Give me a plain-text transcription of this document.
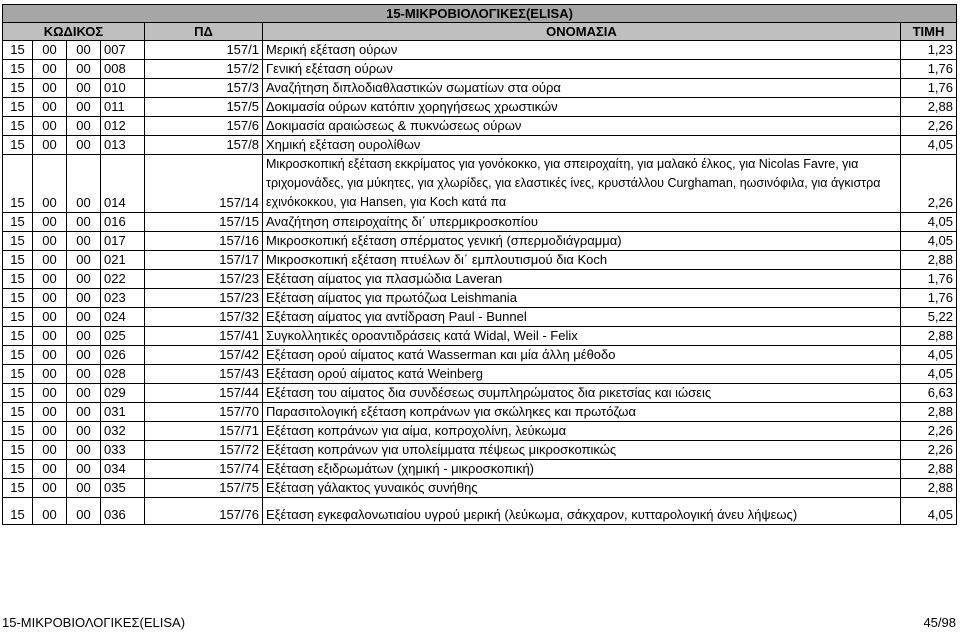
15-ΜΙΚΡΟΒΙΟΛΟΓΙΚΕΣ(ELISA)						
ΚΩΔΙΚΟΣ				ΠΔ	ΟΝΟΜΑΣΙΑ	ΤΙΜΗ
15	00	00	007	157/1	Μερική εξέταση ούρων	1,23
15	00	00	008	157/2	Γενική εξέταση ούρων	1,76
15	00	00	010	157/3	Αναζήτηση διπλοδιαθλαστικών σωματίων στα ούρα	1,76
15	00	00	011	157/5	Δοκιμασία ούρων κατόπιν χορηγήσεως χρωστικών	2,88
15	00	00	012	157/6	Δοκιμασία αραιώσεως & πυκνώσεως ούρων	2,26
15	00	00	013	157/8	Χημική εξέταση ουρολίθων	4,05
15	00	00	014	157/14	Μικροσκοπική εξέταση εκκρίματος για γονόκοκκο, για σπειροχαίτη, για μαλακό έλκος, για Nicolas Favre, για τριχομονάδες, για μύκητες, για χλωρίδες, για ελαστικές ίνες, κρυστάλλου Curghaman, ηωσινόφιλα, για άγκιστρα εχινόκοκκου, για Hansen, για Koch κατά πα	2,26
15	00	00	016	157/15	Αναζήτηση σπειροχαίτης δι΄ υπερμικροσκοπίου	4,05
15	00	00	017	157/16	Μικροσκοπική εξέταση σπέρματος γενική (σπερμοδιάγραμμα)	4,05
15	00	00	021	157/17	Μικροσκοπική εξέταση πτυέλων δι΄ εμπλουτισμού δια Koch	2,88
15	00	00	022	157/23	Εξέταση αίματος για πλασμώδια Laveran	1,76
15	00	00	023	157/23	Εξέταση αίματος για πρωτόζωα Leishmania	1,76
15	00	00	024	157/32	Εξέταση αίματος για αντίδραση Paul - Bunnel	5,22
15	00	00	025	157/41	Συγκολλητικές οροαντιδράσεις κατά Widal, Weil - Felix	2,88
15	00	00	026	157/42	Εξέταση ορού αίματος κατά Wasserman και μία άλλη μέθοδο	4,05
15	00	00	028	157/43	Εξέταση ορού αίματος κατά Weinberg	4,05
15	00	00	029	157/44	Εξέταση του αίματος δια συνδέσεως συμπληρώματος δια ρικετσίας και ιώσεις	6,63
15	00	00	031	157/70	Παρασιτολογική εξέταση κοπράνων για σκώληκες και πρωτόζωα	2,88
15	00	00	032	157/71	Εξέταση κοπράνων για αίμα, κοπροχολίνη, λεύκωμα	2,26
15	00	00	033	157/72	Εξέταση κοπράνων για υπολείμματα πέψεως μικροσκοπικώς	2,26
15	00	00	034	157/74	Εξέταση εξιδρωμάτων (χημική - μικροσκοπική)	2,88
15	00	00	035	157/75	Εξέταση γάλακτος γυναικός συνήθης	2,88
15	00	00	036	157/76	Εξέταση εγκεφαλονωτιαίου υγρού μερική (λεύκωμα, σάκχαρον, κυτταρολογική άνευ λήψεως)	4,05
15-ΜΙΚΡΟΒΙΟΛΟΓΙΚΕΣ(ELISA)	45/98
